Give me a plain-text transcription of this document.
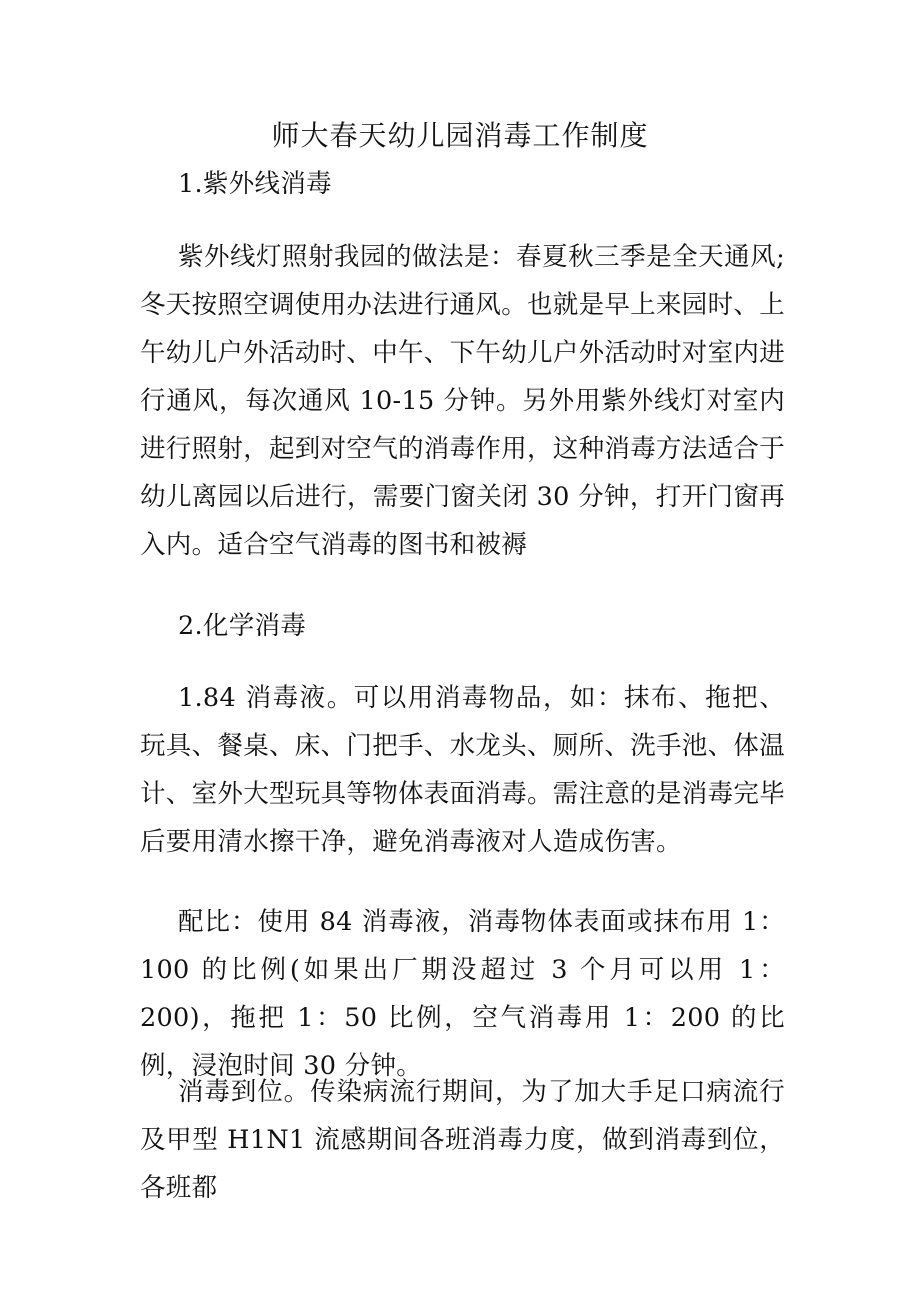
师大春天幼儿园消毒工作制度
1.紫外线消毒
紫外线灯照射我园的做法是：春夏秋三季是全天通风;冬天按照空调使用办法进行通风。也就是早上来园时、上午幼儿户外活动时、中午、下午幼儿户外活动时对室内进行通风，每次通风 10-15 分钟。另外用紫外线灯对室内进行照射，起到对空气的消毒作用，这种消毒方法适合于幼儿离园以后进行，需要门窗关闭 30 分钟，打开门窗再入内。适合空气消毒的图书和被褥
2.化学消毒
1.84 消毒液。可以用消毒物品，如：抹布、拖把、玩具、餐桌、床、门把手、水龙头、厕所、洗手池、体温计、室外大型玩具等物体表面消毒。需注意的是消毒完毕后要用清水擦干净，避免消毒液对人造成伤害。
配比：使用 84 消毒液，消毒物体表面或抹布用 1：100 的比例(如果出厂期没超过 3 个月可以用 1：200)，拖把 1：50 比例，空气消毒用 1：200 的比例，浸泡时间 30 分钟。
消毒到位。传染病流行期间，为了加大手足口病流行及甲型 H1N1 流感期间各班消毒力度，做到消毒到位，各班都
